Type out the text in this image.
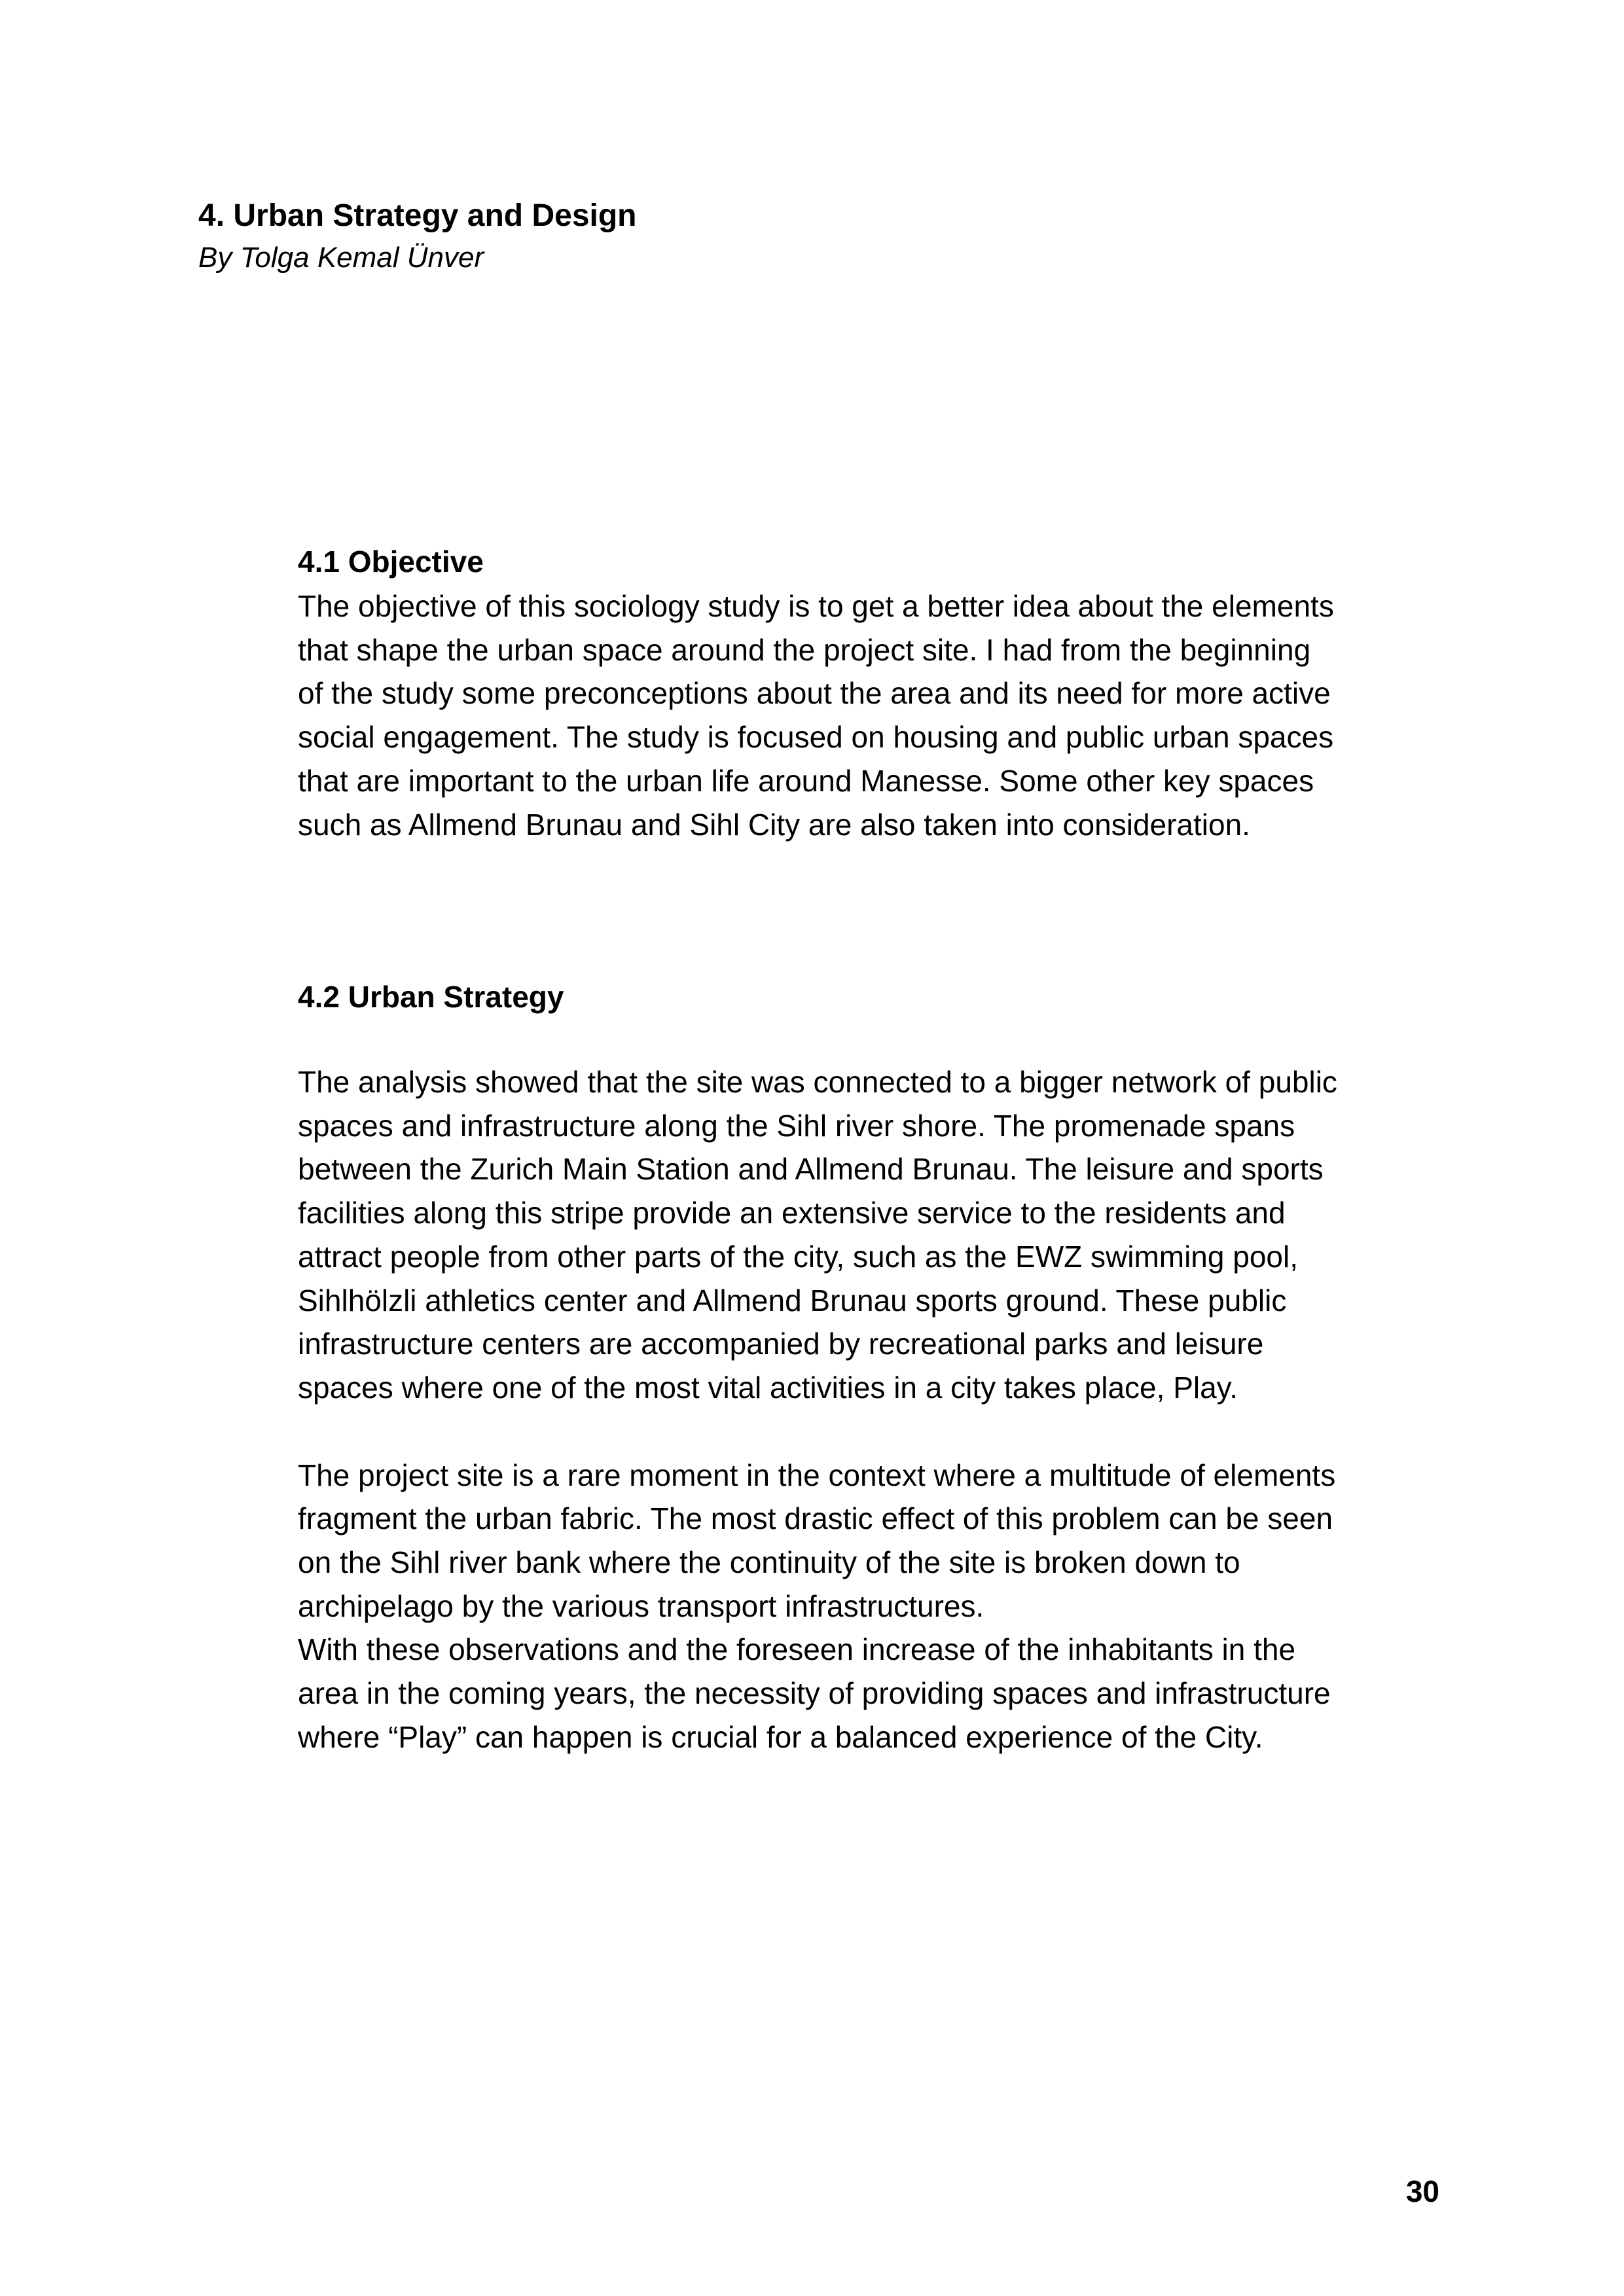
4. Urban Strategy and Design

By Tolga Kemal Ünver

4.1 Objective

The objective of this sociology study is to get a better idea about the elements
that shape the urban space around the project site. I had from the beginning
of the study some preconceptions about the area and its need for more active
social engagement. The study is focused on housing and public urban spaces
that are important to the urban life around Manesse. Some other key spaces
such as Allmend Brunau and Sihl City are also taken into consideration.

4.2 Urban Strategy

The analysis showed that the site was connected to a bigger network of public
spaces and infrastructure along the Sihl river shore. The promenade spans
between the Zurich Main Station and Allmend Brunau. The leisure and sports
facilities along this stripe provide an extensive service to the residents and
attract people from other parts of the city, such as the EWZ swimming pool,
Sihlhölzli athletics center and Allmend Brunau sports ground. These public
infrastructure centers are accompanied by recreational parks and leisure
spaces where one of the most vital activities in a city takes place, Play.

The project site is a rare moment in the context where a multitude of elements
fragment the urban fabric. The most drastic effect of this problem can be seen
on the Sihl river bank where the continuity of the site is broken down to
archipelago by the various transport infrastructures.
With these observations and the foreseen increase of the inhabitants in the
area in the coming years, the necessity of providing spaces and infrastructure
where “Play” can happen is crucial for a balanced experience of the City.

30
